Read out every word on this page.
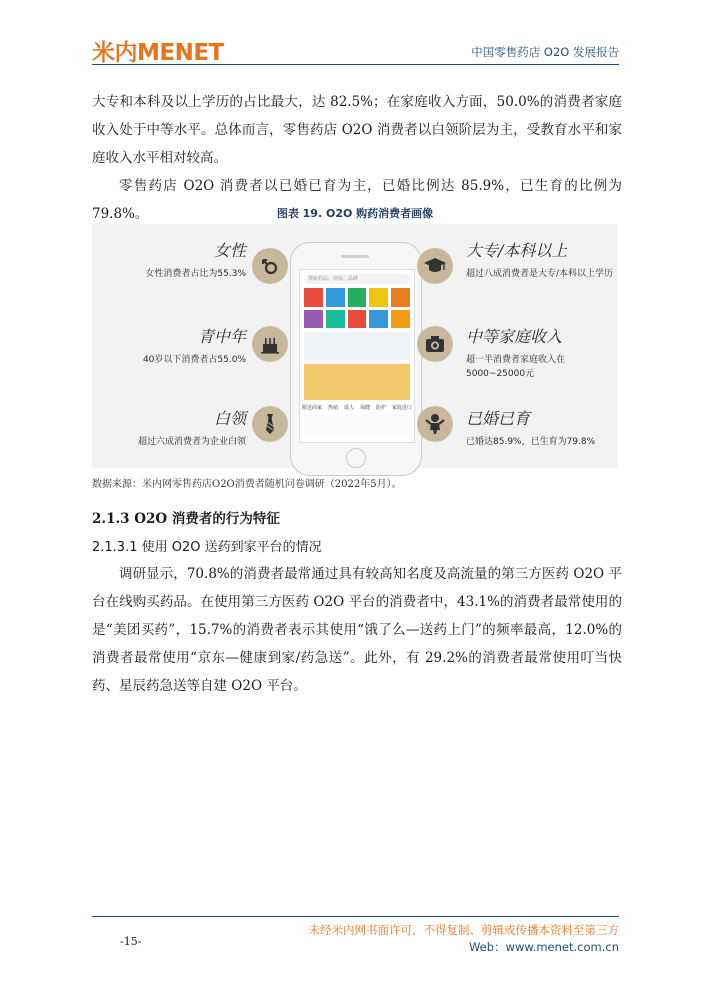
米内MENET	中国零售药店 O2O 发展报告

大专和本科及以上学历的占比最大，达 82.5%；在家庭收入方面，50.0%的消费者家庭收入处于中等水平。总体而言，零售药店 O2O 消费者以白领阶层为主，受教育水平和家庭收入水平相对较高。

零售药店 O2O 消费者以已婚已育为主，已婚比例达 85.9%，已生育的比例为 79.8%。	图表 19. O2O 购药消费者画像
女性
女性消费者占比为55.3%
青中年
40岁以下消费者占55.0%
白领
超过六成消费者为企业白领
搜索药品、症状、品牌
附近商家 热销 成人 保健 防护 家庭进口
大专/本科以上
超过八成消费者是大专/本科以上学历
中等家庭收入
超一半消费者家庭收入在5000~25000元
已婚已育
已婚达85.9%，已生育为79.8%
数据来源：米内网零售药店O2O消费者随机问卷调研（2022年5月）。
2.1.3 O2O 消费者的行为特征
2.1.3.1 使用 O2O 送药到家平台的情况

调研显示，70.8%的消费者最常通过具有较高知名度及高流量的第三方医药 O2O 平台在线购买药品。在使用第三方医药 O2O 平台的消费者中，43.1%的消费者最常使用的是“美团买药”，15.7%的消费者表示其使用“饿了么—送药上门”的频率最高，12.0%的消费者最常使用“京东—健康到家/药急送”。此外，有 29.2%的消费者最常使用叮当快药、星辰药急送等自建 O2O 平台。

-15-
未经米内网书面许可，不得复制、剪辑或传播本资料至第三方
Web：www.menet.com.cn
